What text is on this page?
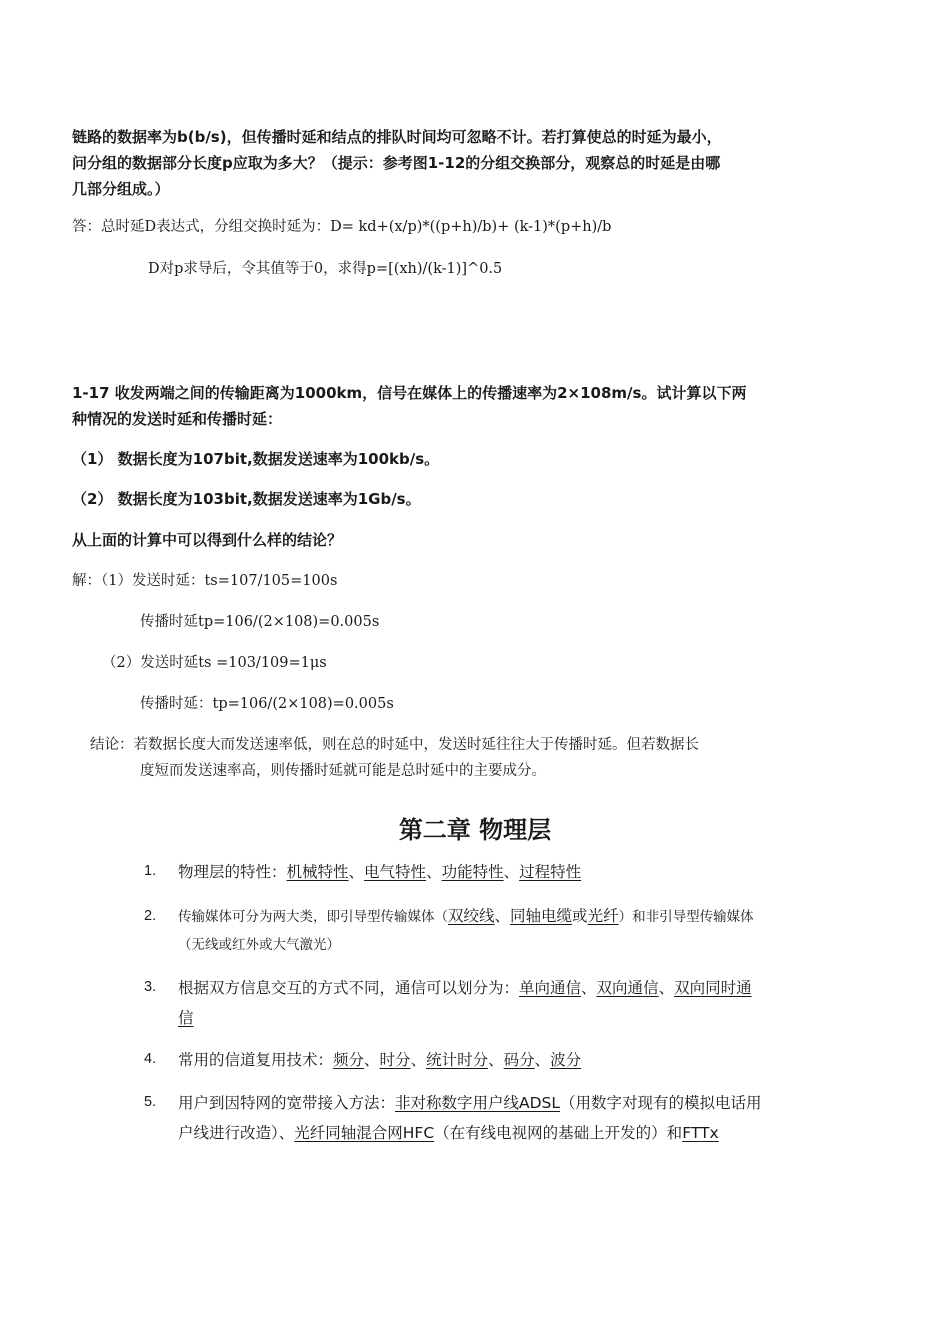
链路的数据率为b(b/s)，但传播时延和结点的排队时间均可忽略不计。若打算使总的时延为最小，
问分组的数据部分长度p应取为多大？（提示：参考图1-12的分组交换部分，观察总的时延是由哪
几部分组成。）
答：总时延D表达式，分组交换时延为：D= kd+(x/p)*((p+h)/b)+ (k-1)*(p+h)/b
D对p求导后，令其值等于0，求得p=[(xh)/(k-1)]^0.5
1-17 收发两端之间的传输距离为1000km，信号在媒体上的传播速率为2×108m/s。试计算以下两
种情况的发送时延和传播时延：
（1） 数据长度为107bit,数据发送速率为100kb/s。
（2） 数据长度为103bit,数据发送速率为1Gb/s。
从上面的计算中可以得到什么样的结论？
解：（1）发送时延：ts=107/105=100s
传播时延tp=106/(2×108)=0.005s
（2）发送时延ts =103/109=1μs
传播时延：tp=106/(2×108)=0.005s
结论：若数据长度大而发送速率低，则在总的时延中，发送时延往往大于传播时延。但若数据长
度短而发送速率高，则传播时延就可能是总时延中的主要成分。
第二章 物理层
1. 物理层的特性：机械特性、电气特性、功能特性、过程特性
2. 传输媒体可分为两大类，即引导型传输媒体（双绞线、同轴电缆或光纤）和非引导型传输媒体
（无线或红外或大气激光）
3. 根据双方信息交互的方式不同，通信可以划分为：单向通信、双向通信、双向同时通
信
4. 常用的信道复用技术：频分、时分、统计时分、码分、波分
5. 用户到因特网的宽带接入方法：非对称数字用户线ADSL（用数字对现有的模拟电话用
户线进行改造）、光纤同轴混合网HFC（在有线电视网的基础上开发的）和FTTx
